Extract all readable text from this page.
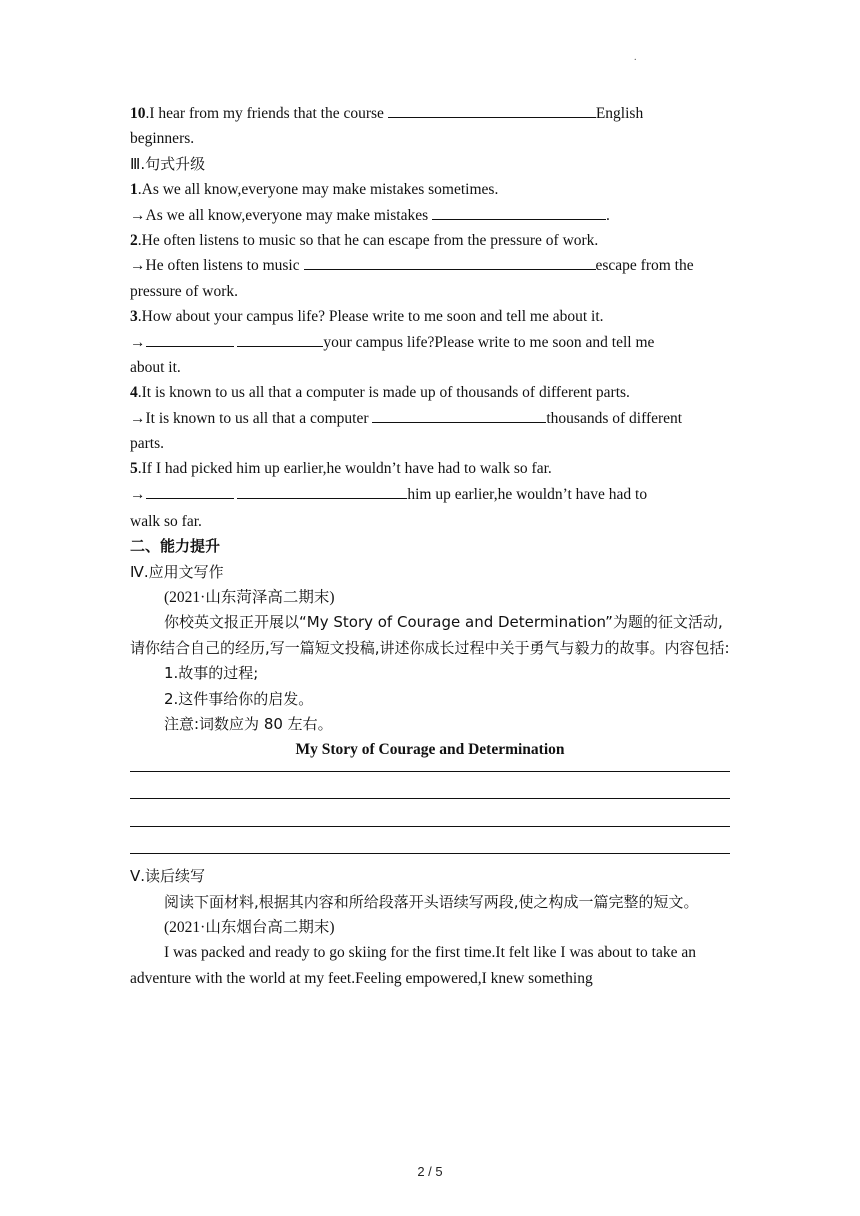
.
10.I hear from my friends that the course	English
beginners.
Ⅲ.句式升级
1.As we all know,everyone may make mistakes sometimes.
→As we all know,everyone may make mistakes	.
2.He often listens to music so that he can escape from the pressure of work.
→He often listens to music	escape from the
pressure of work.
3.How about your campus life? Please write to me soon and tell me about it.
→	your campus life?Please write to me soon and tell me
about it.
4.It is known to us all that a computer is made up of thousands of different parts.
→It is known to us all that a computer	thousands of different
parts.
5.If I had picked him up earlier,he wouldn’t have had to walk so far.
→	him up earlier,he wouldn’t have had to
walk so far.
二、能力提升
Ⅳ.应用文写作
(2021·山东菏泽高二期末)
你校英文报正开展以“My Story of Courage and Determination”为题的征文活动,请你结合自己的经历,写一篇短文投稿,讲述你成长过程中关于勇气与毅力的故事。内容包括:
1.故事的过程;
2.这件事给你的启发。
注意:词数应为 80 左右。
My Story of Courage and Determination
Ⅴ.读后续写
阅读下面材料,根据其内容和所给段落开头语续写两段,使之构成一篇完整的短文。
(2021·山东烟台高二期末)
I was packed and ready to go skiing for the first time.It felt like I was about to take an adventure with the world at my feet.Feeling empowered,I knew something
2 / 5
